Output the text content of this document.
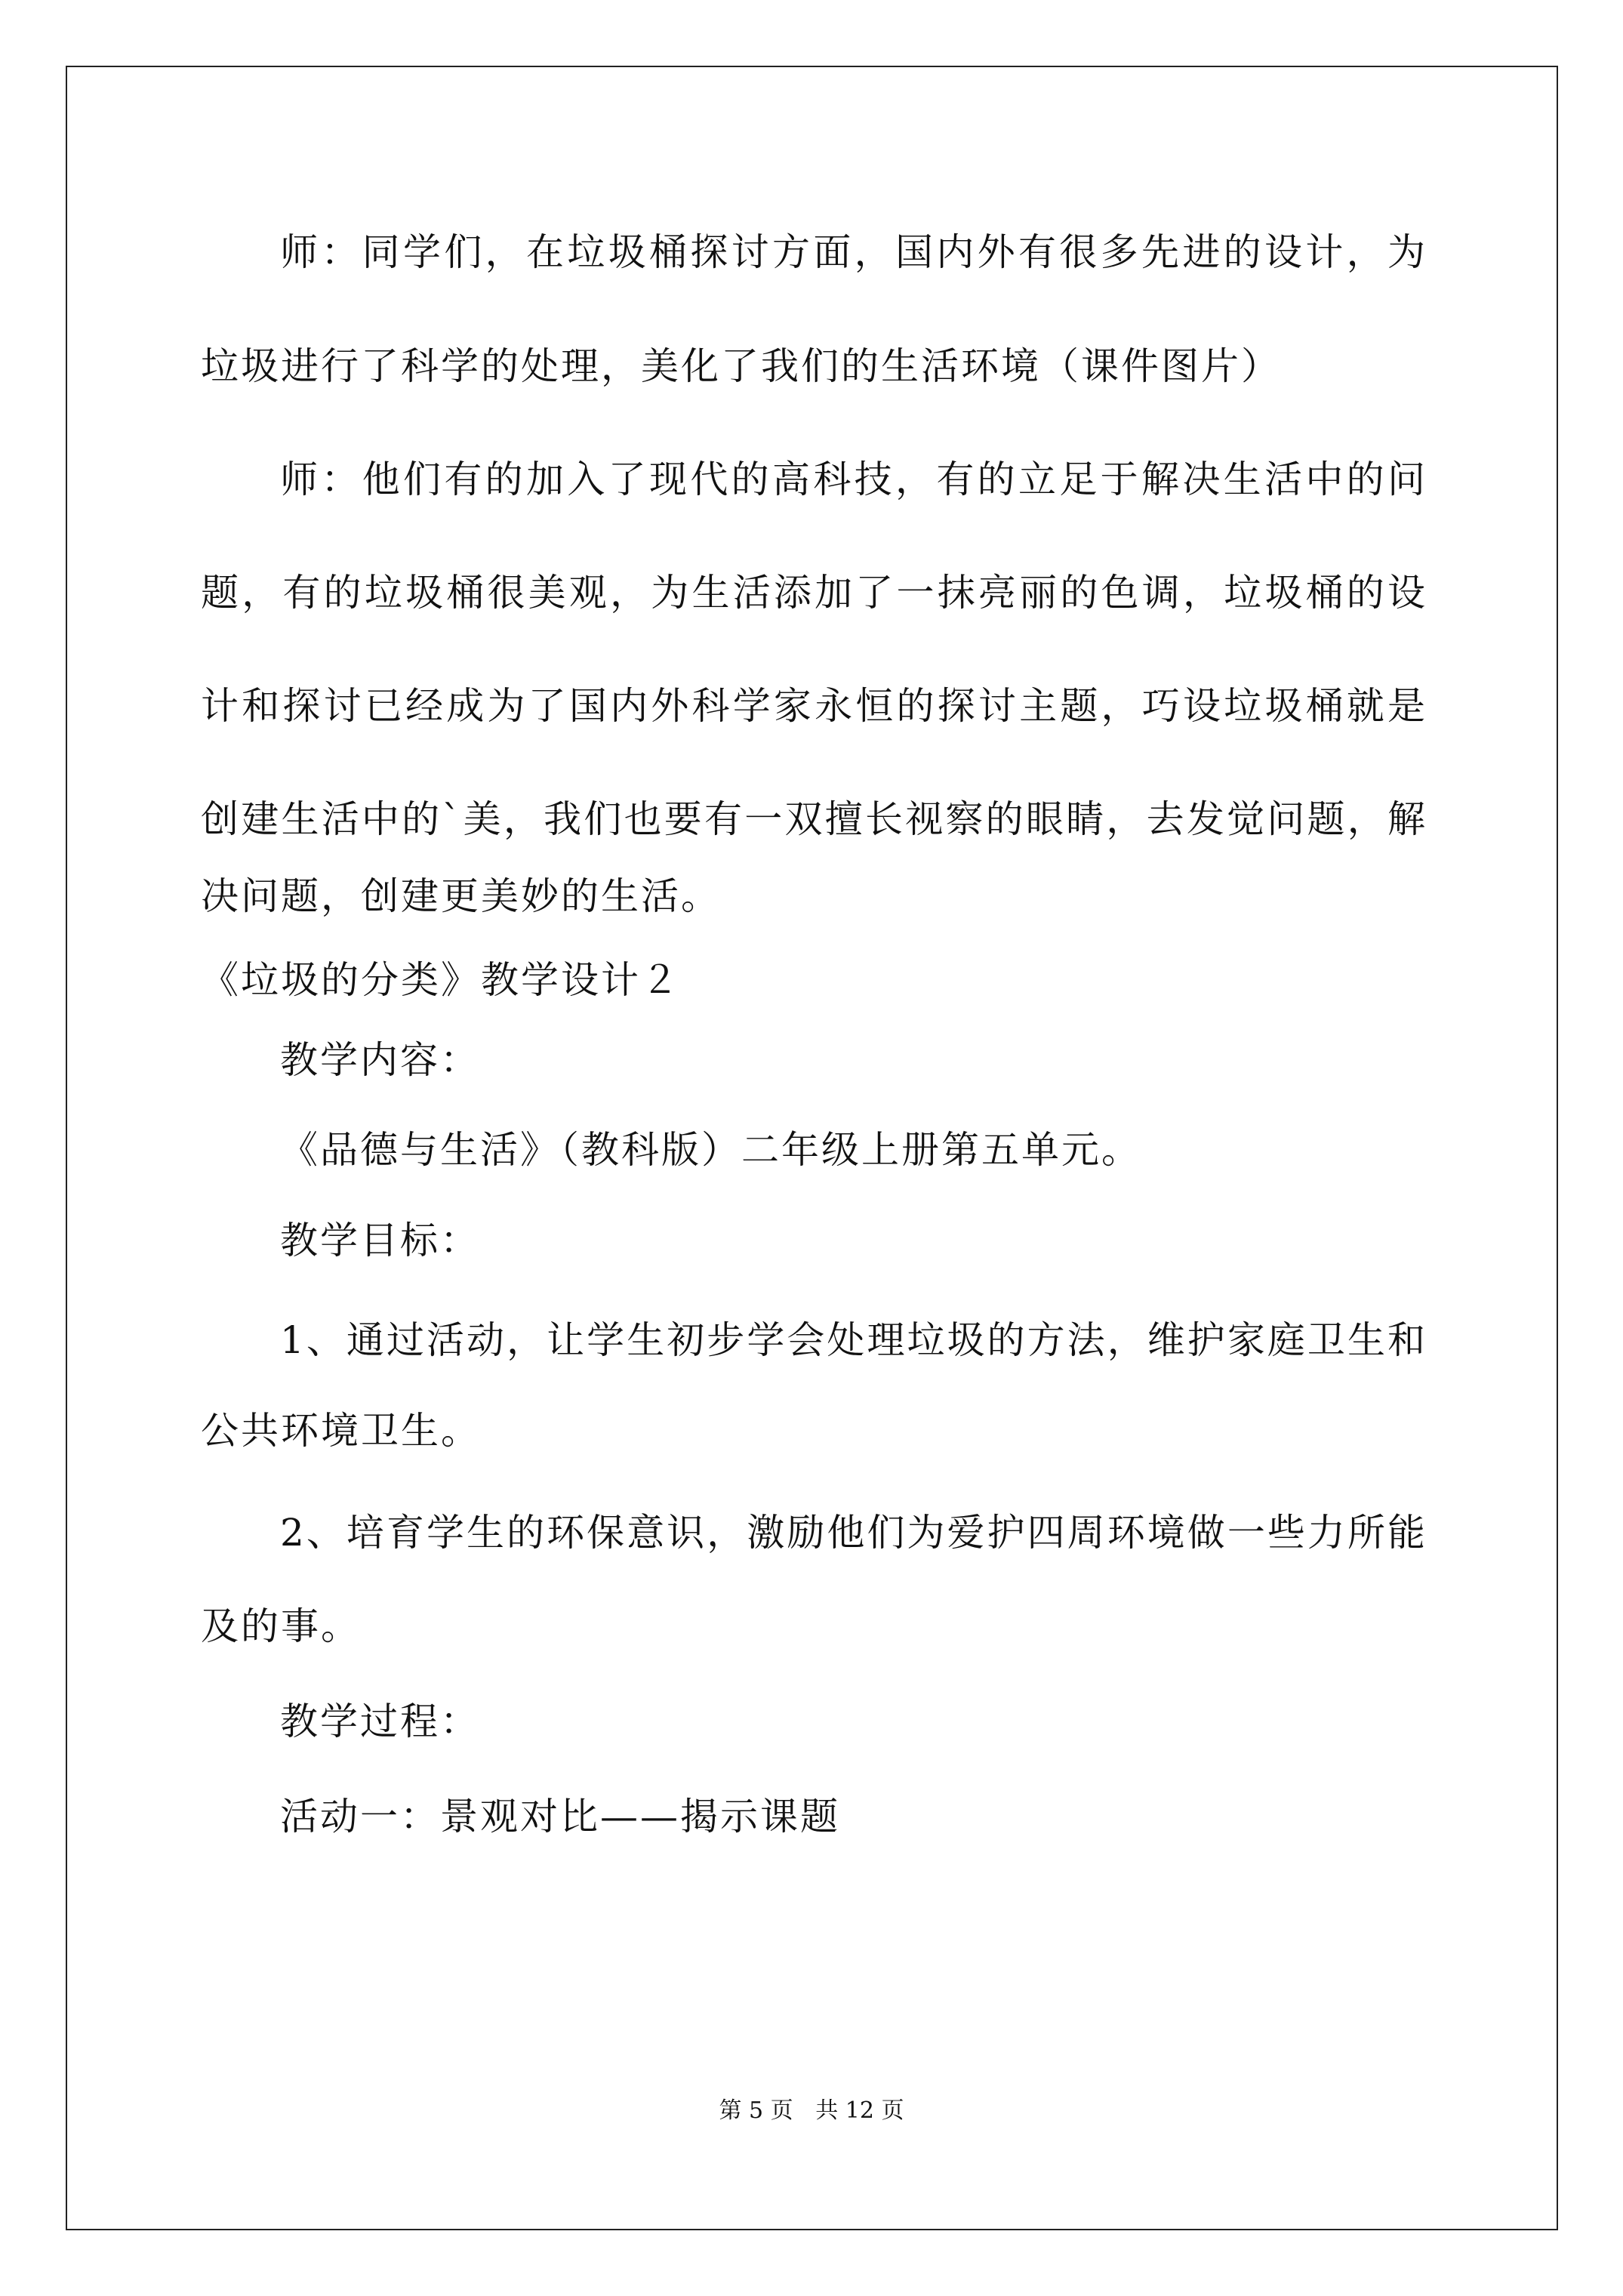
师：同学们，在垃圾桶探讨方面，国内外有很多先进的设计，为
垃圾进行了科学的处理，美化了我们的生活环境（课件图片）
师：他们有的加入了现代的高科技，有的立足于解决生活中的问
题，有的垃圾桶很美观，为生活添加了一抹亮丽的色调，垃圾桶的设
计和探讨已经成为了国内外科学家永恒的探讨主题，巧设垃圾桶就是
创建生活中的`美，我们也要有一双擅长视察的眼睛，去发觉问题，解
决问题，创建更美妙的生活。
《垃圾的分类》教学设计２
教学内容：
《品德与生活》（教科版）二年级上册第五单元。
教学目标：
1、通过活动，让学生初步学会处理垃圾的方法，维护家庭卫生和
公共环境卫生。
2、培育学生的环保意识，激励他们为爱护四周环境做一些力所能
及的事。
教学过程：
活动一：景观对比——揭示课题
第 5 页 共 12 页
